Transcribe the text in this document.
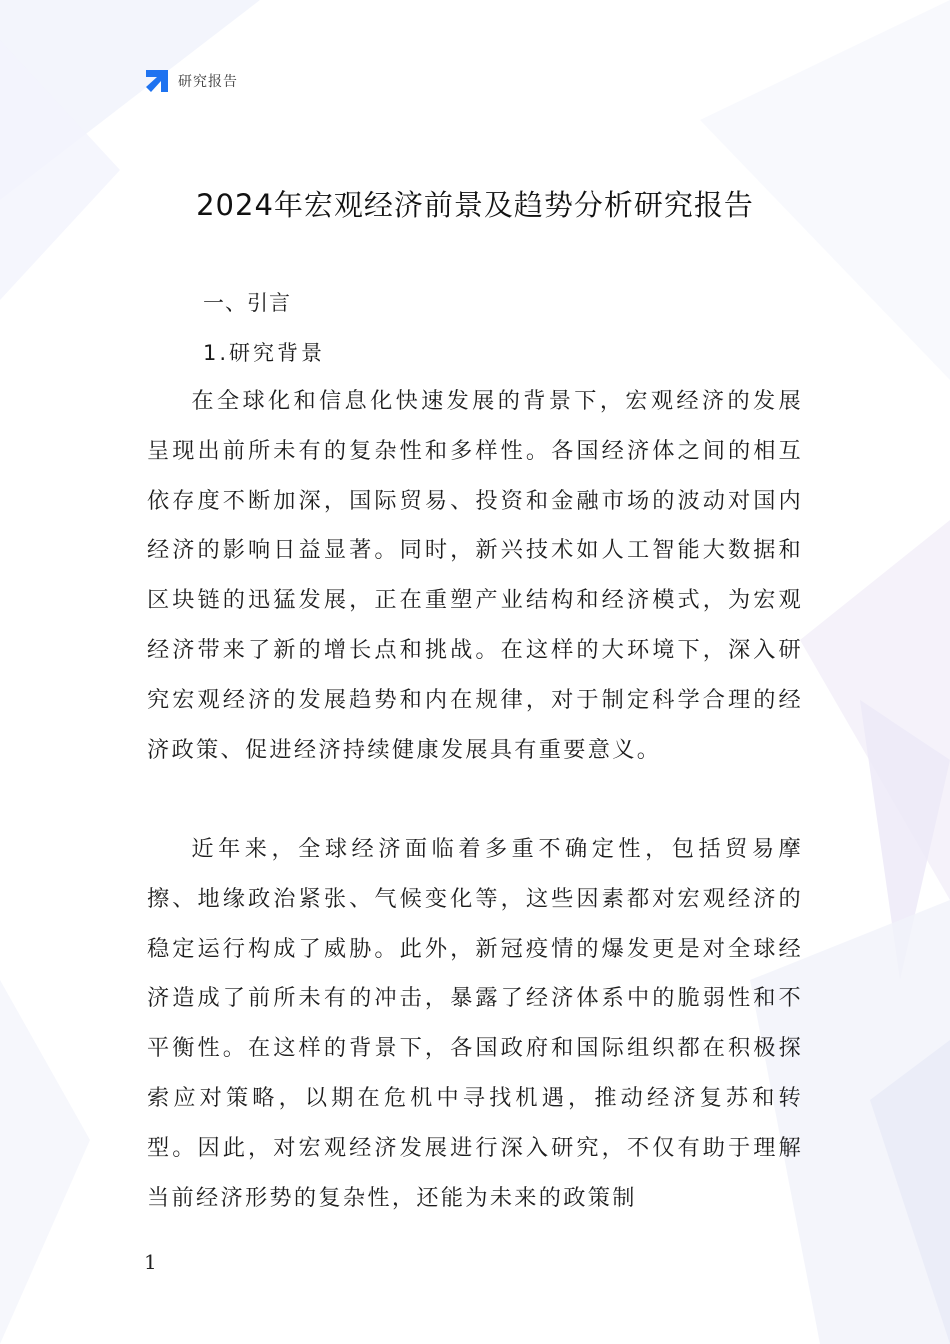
研究报告
2024年宏观经济前景及趋势分析研究报告
一、引言
1.研究背景

在全球化和信息化快速发展的背景下，宏观经济的发展呈现出前所未有的复杂性和多样性。各国经济体之间的相互依存度不断加深，国际贸易、投资和金融市场的波动对国内经济的影响日益显著。同时，新兴技术如人工智能大数据和区块链的迅猛发展，正在重塑产业结构和经济模式，为宏观经济带来了新的增长点和挑战。在这样的大环境下，深入研究宏观经济的发展趋势和内在规律，对于制定科学合理的经济政策、促进经济持续健康发展具有重要意义。

近年来，全球经济面临着多重不确定性，包括贸易摩擦、地缘政治紧张、气候变化等，这些因素都对宏观经济的稳定运行构成了威胁。此外，新冠疫情的爆发更是对全球经济造成了前所未有的冲击，暴露了经济体系中的脆弱性和不平衡性。在这样的背景下，各国政府和国际组织都在积极探索应对策略，以期在危机中寻找机遇，推动经济复苏和转型。因此，对宏观经济发展进行深入研究，不仅有助于理解当前经济形势的复杂性，还能为未来的政策制

1
